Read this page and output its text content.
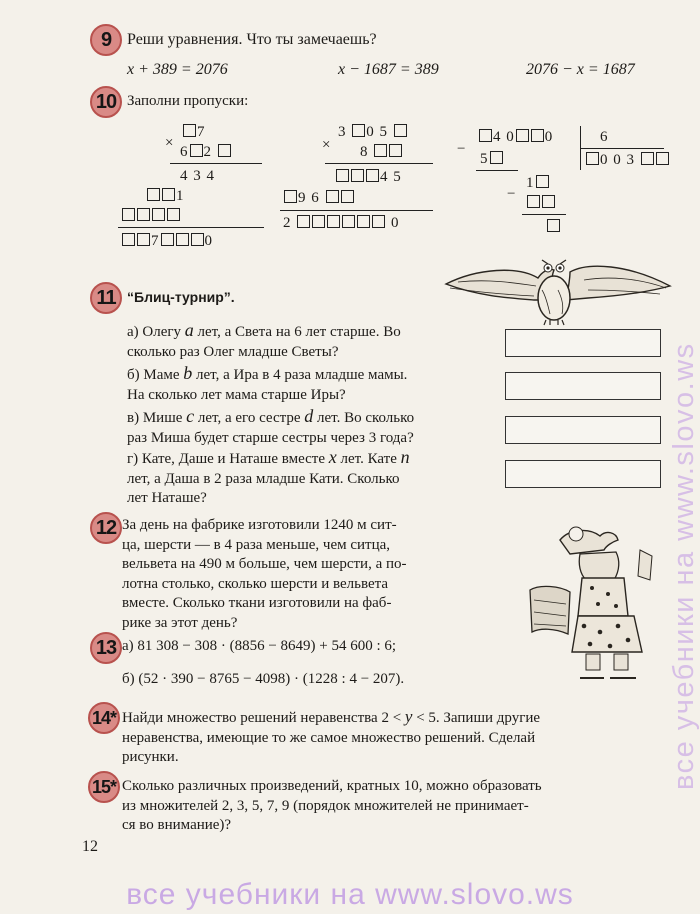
9 Реши уравнения. Что ты замечаешь?
x + 389 = 2076	x − 1687 = 389	2076 − x = 1687
10 Заполни пропуски:
×
7
6 2
4 3 4
1
7	0
×
3 0 5
8
4 5
9 6
2	0
−
4 0 0	6
0 0 3
5
−
1
11 “Блиц-турнир”.
а) Олегу a лет, а Света на 6 лет старше. Во
сколько раз Олег младше Светы?
б) Маме b лет, а Ира в 4 раза младше мамы.
На сколько лет мама старше Иры?
в) Мише c лет, а его сестре d лет. Во сколько
раз Миша будет старше сестры через 3 года?
г) Кате, Даше и Наташе вместе x лет. Кате n
лет, а Даша в 2 раза младше Кати. Сколько
лет Наташе?
12 За день на фабрике изготовили 1240 м сит-
ца, шерсти — в 4 раза меньше, чем ситца,
вельвета на 490 м больше, чем шерсти, а по-
лотна столько, сколько шерсти и вельвета
вместе. Сколько ткани изготовили на фаб-
рике за этот день?
13 а) 81 308 − 308 · (8856 − 8649) + 54 600 : 6;
б) (52 · 390 − 8765 − 4098) · (1228 : 4 − 207).
14* Найди множество решений неравенства 2 < y < 5. Запиши другие
неравенства, имеющие то же самое множество решений. Сделай
рисунки.
15* Сколько различных произведений, кратных 10, можно образовать
из множителей 2, 3, 5, 7, 9 (порядок множителей не принимает-
ся во внимание)?
12
все учебники на www.slovo.ws
все учебники на www.slovo.ws
